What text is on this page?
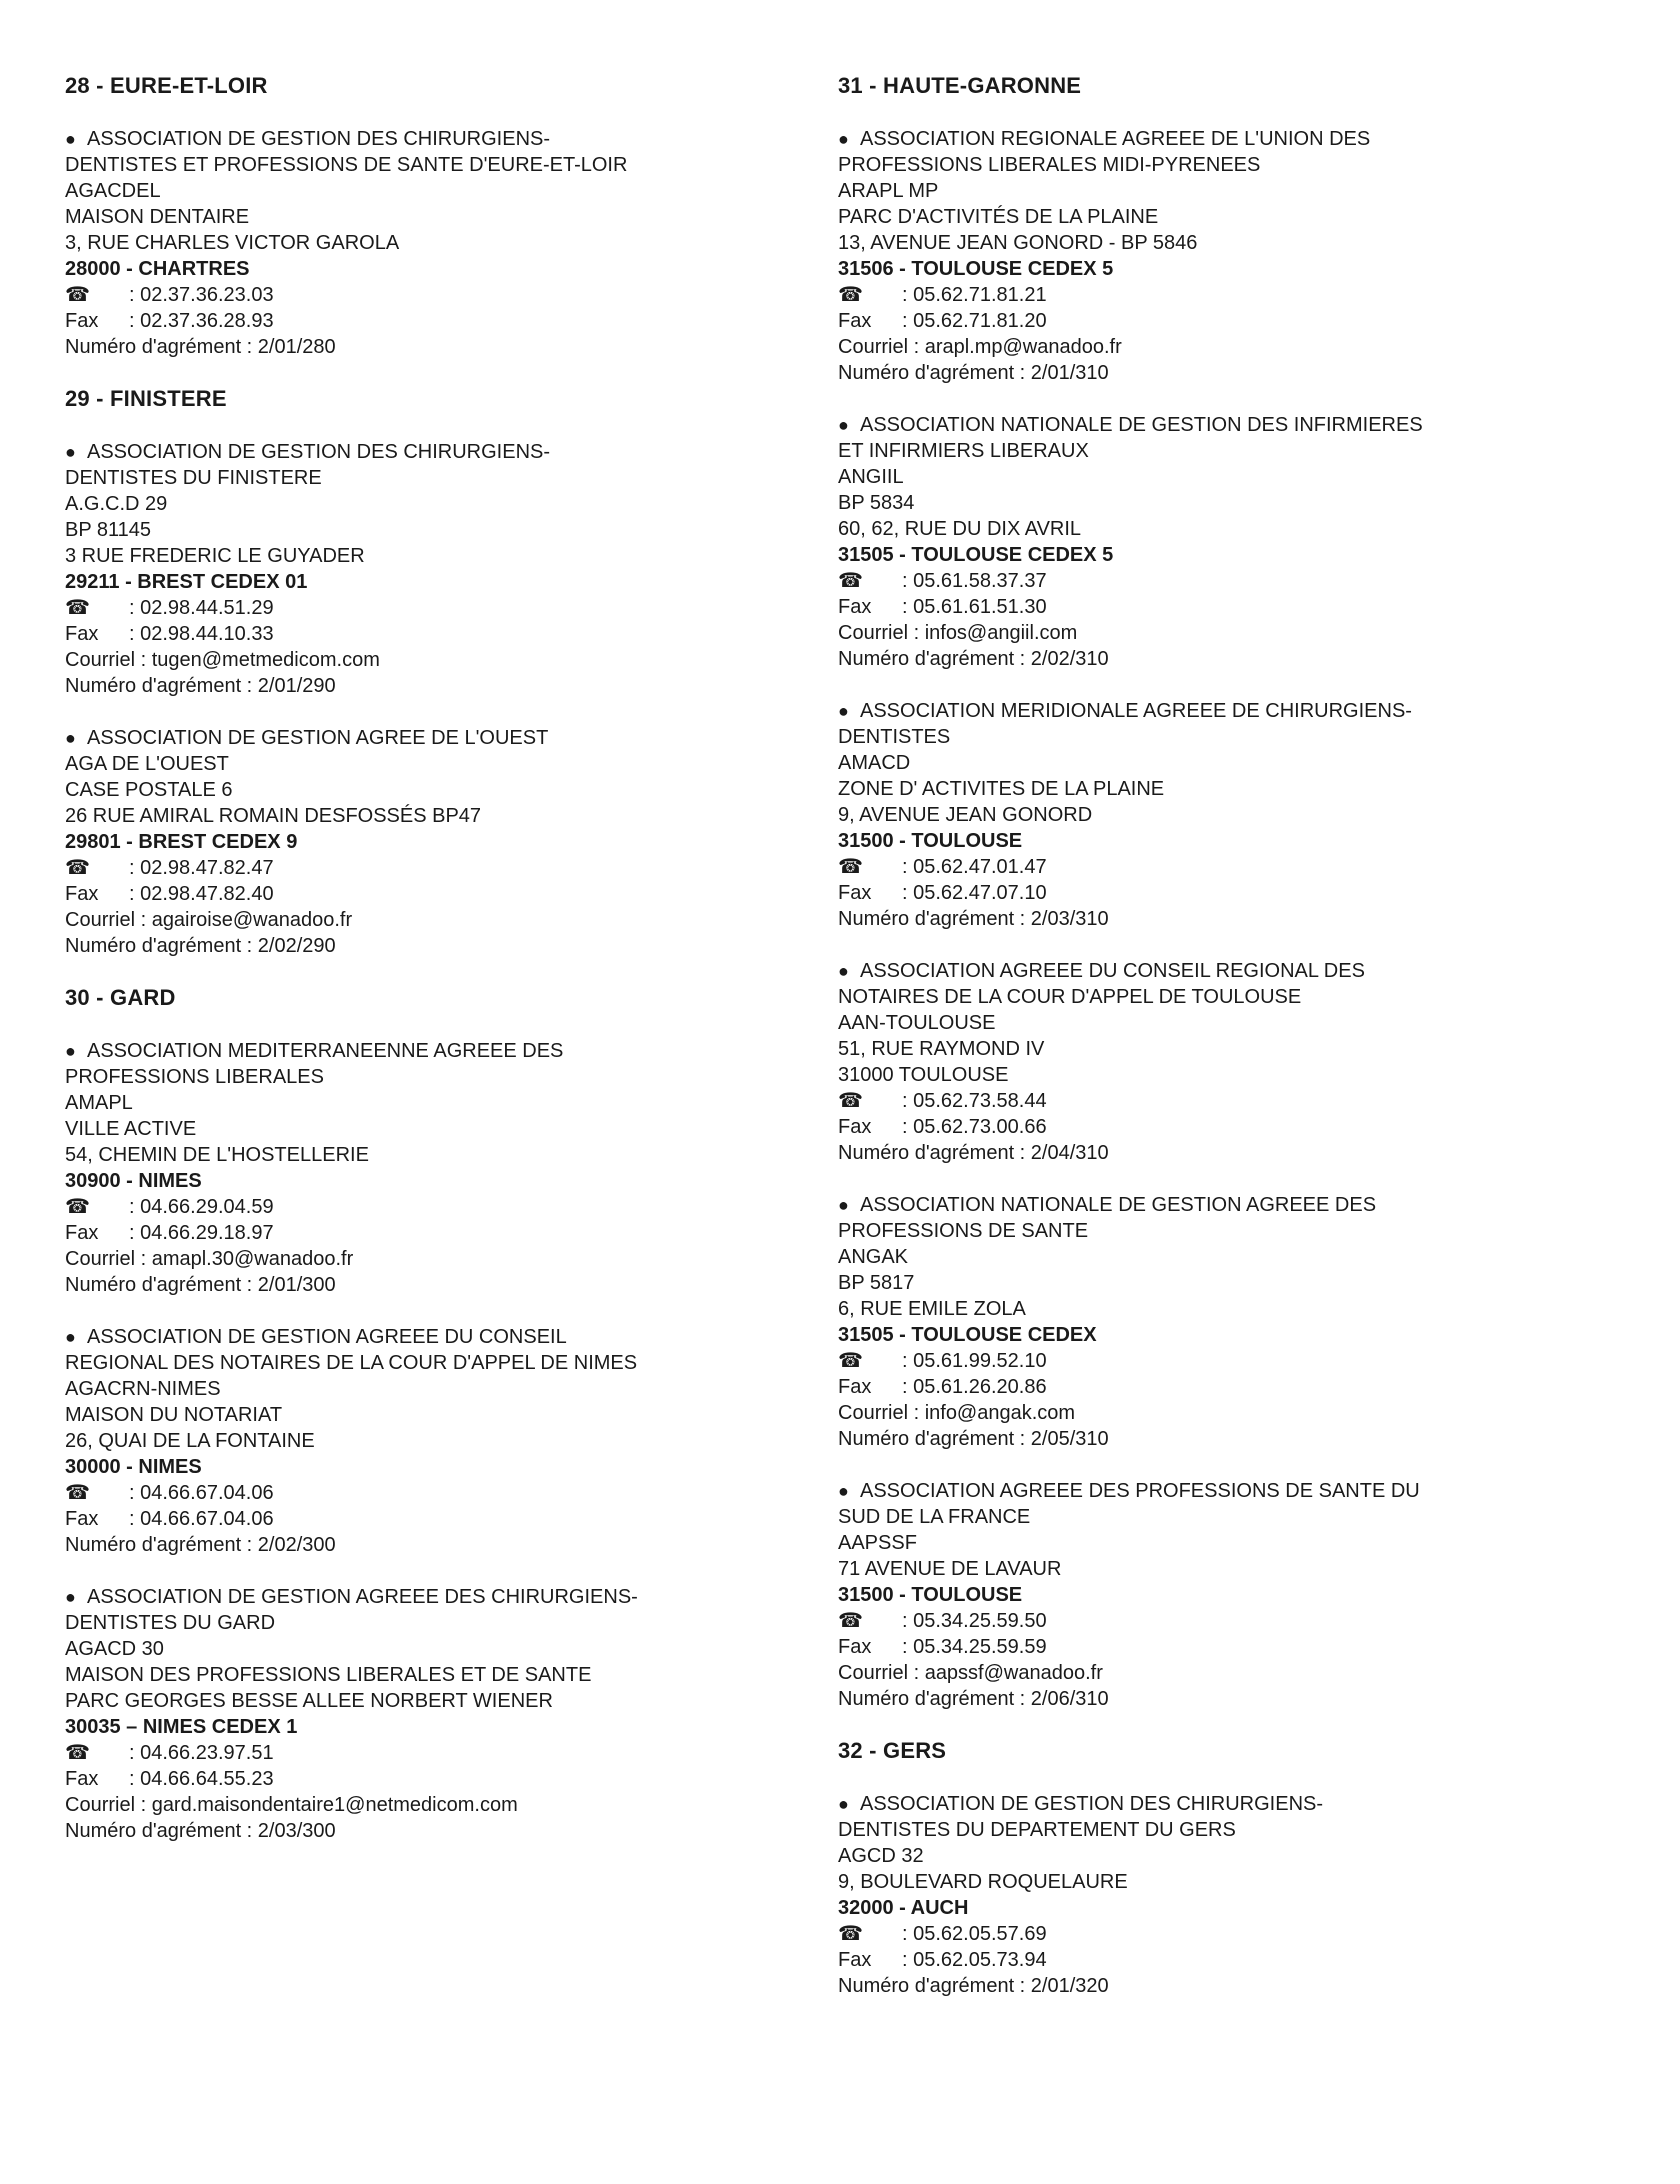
28 - EURE-ET-LOIR
● ASSOCIATION DE GESTION DES CHIRURGIENS-
DENTISTES ET PROFESSIONS DE SANTE D'EURE-ET-LOIR
AGACDEL
MAISON DENTAIRE
3, RUE CHARLES VICTOR GAROLA
28000 - CHARTRES
☎ : 02.37.36.23.03
Fax : 02.37.36.28.93
Numéro d'agrément : 2/01/280
29 - FINISTERE
● ASSOCIATION DE GESTION DES CHIRURGIENS-
DENTISTES DU FINISTERE
A.G.C.D 29
BP 81145
3 RUE FREDERIC LE GUYADER
29211 - BREST CEDEX 01
☎ : 02.98.44.51.29
Fax : 02.98.44.10.33
Courriel : tugen@metmedicom.com
Numéro d'agrément : 2/01/290
● ASSOCIATION DE GESTION AGREE DE L'OUEST
AGA DE L'OUEST
CASE POSTALE 6
26 RUE AMIRAL ROMAIN DESFOSSÉS BP47
29801 - BREST CEDEX 9
☎ : 02.98.47.82.47
Fax : 02.98.47.82.40
Courriel : agairoise@wanadoo.fr
Numéro d'agrément : 2/02/290
30 - GARD
● ASSOCIATION MEDITERRANEENNE AGREEE DES
PROFESSIONS LIBERALES
AMAPL
VILLE ACTIVE
54, CHEMIN DE L'HOSTELLERIE
30900 - NIMES
☎ : 04.66.29.04.59
Fax : 04.66.29.18.97
Courriel : amapl.30@wanadoo.fr
Numéro d'agrément : 2/01/300
● ASSOCIATION DE GESTION AGREEE DU CONSEIL
REGIONAL DES NOTAIRES DE LA COUR D'APPEL DE NIMES
AGACRN-NIMES
MAISON DU NOTARIAT
26, QUAI DE LA FONTAINE
30000 - NIMES
☎ : 04.66.67.04.06
Fax : 04.66.67.04.06
Numéro d'agrément : 2/02/300
● ASSOCIATION DE GESTION AGREEE DES CHIRURGIENS-
DENTISTES DU GARD
AGACD 30
MAISON DES PROFESSIONS LIBERALES ET DE SANTE
PARC GEORGES BESSE ALLEE NORBERT WIENER
30035 – NIMES CEDEX 1
☎ : 04.66.23.97.51
Fax : 04.66.64.55.23
Courriel : gard.maisondentaire1@netmedicom.com
Numéro d'agrément : 2/03/300
31 - HAUTE-GARONNE
● ASSOCIATION REGIONALE AGREEE DE L'UNION DES
PROFESSIONS LIBERALES MIDI-PYRENEES
ARAPL MP
PARC D'ACTIVITÉS DE LA PLAINE
13, AVENUE JEAN GONORD - BP 5846
31506 - TOULOUSE CEDEX 5
☎ : 05.62.71.81.21
Fax : 05.62.71.81.20
Courriel : arapl.mp@wanadoo.fr
Numéro d'agrément : 2/01/310
● ASSOCIATION NATIONALE DE GESTION DES INFIRMIERES
ET INFIRMIERS LIBERAUX
ANGIIL
BP 5834
60, 62, RUE DU DIX AVRIL
31505 - TOULOUSE CEDEX 5
☎ : 05.61.58.37.37
Fax : 05.61.61.51.30
Courriel : infos@angiil.com
Numéro d'agrément : 2/02/310
● ASSOCIATION MERIDIONALE AGREEE DE CHIRURGIENS-
DENTISTES
AMACD
ZONE D' ACTIVITES DE LA PLAINE
9, AVENUE JEAN GONORD
31500 - TOULOUSE
☎ : 05.62.47.01.47
Fax : 05.62.47.07.10
Numéro d'agrément : 2/03/310
● ASSOCIATION AGREEE DU CONSEIL REGIONAL DES
NOTAIRES DE LA COUR D'APPEL DE TOULOUSE
AAN-TOULOUSE
51, RUE RAYMOND IV
31000 TOULOUSE
☎ : 05.62.73.58.44
Fax : 05.62.73.00.66
Numéro d'agrément : 2/04/310
● ASSOCIATION NATIONALE DE GESTION AGREEE DES
PROFESSIONS DE SANTE
ANGAK
BP 5817
6, RUE EMILE ZOLA
31505 - TOULOUSE CEDEX
☎ : 05.61.99.52.10
Fax : 05.61.26.20.86
Courriel : info@angak.com
Numéro d'agrément : 2/05/310
● ASSOCIATION AGREEE DES PROFESSIONS DE SANTE DU
SUD DE LA FRANCE
AAPSSF
71 AVENUE DE LAVAUR
31500 - TOULOUSE
☎ : 05.34.25.59.50
Fax : 05.34.25.59.59
Courriel : aapssf@wanadoo.fr
Numéro d'agrément : 2/06/310
32 - GERS
● ASSOCIATION DE GESTION DES CHIRURGIENS-
DENTISTES DU DEPARTEMENT DU GERS
AGCD 32
9, BOULEVARD ROQUELAURE
32000 - AUCH
☎ : 05.62.05.57.69
Fax : 05.62.05.73.94
Numéro d'agrément : 2/01/320
